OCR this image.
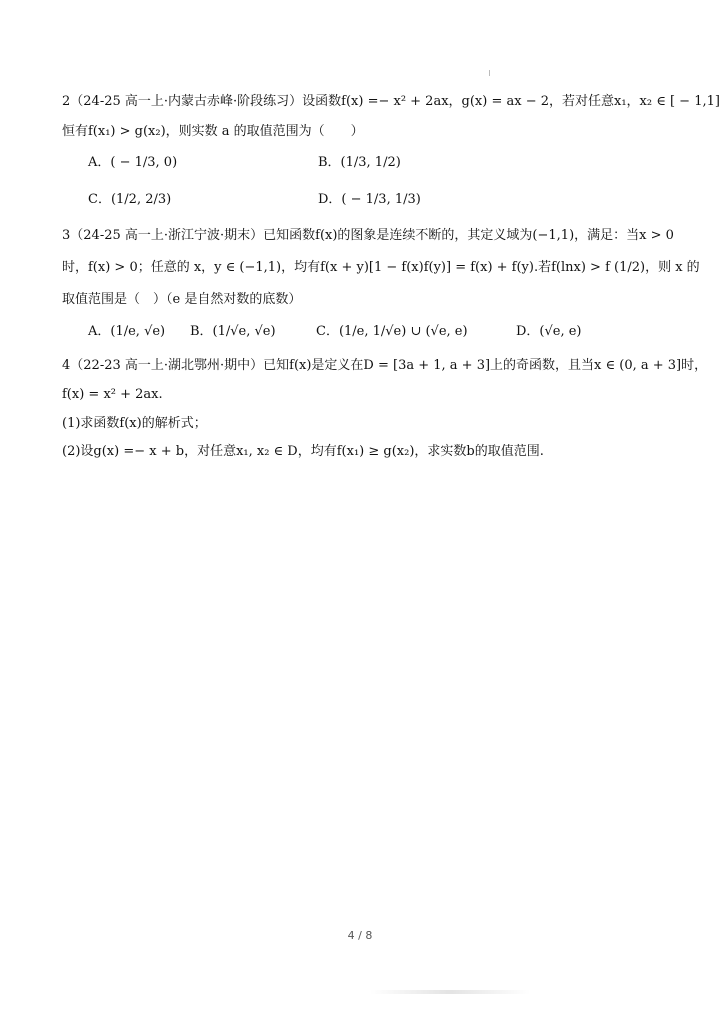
2（24-25 高一上·内蒙古赤峰·阶段练习）设函数f(x) =− x² + 2ax，g(x) = ax − 2，若对任意x₁，x₂ ∈ [ − 1,1]
恒有f(x₁) > g(x₂)，则实数 a 的取值范围为（　　）
A．( − 1/3, 0)	B．(1/3, 1/2)
C．(1/2, 2/3)	D．( − 1/3, 1/3)
3（24-25 高一上·浙江宁波·期末）已知函数f(x)的图象是连续不断的，其定义域为(−1,1)，满足：当x > 0
时，f(x) > 0；任意的 x，y ∈ (−1,1)，均有f(x + y)[1 − f(x)f(y)] = f(x) + f(y).若f(lnx) > f (1/2)，则 x 的
取值范围是（　）（e 是自然对数的底数）
A．(1/e, √e) B．(1/√e, √e)	C．(1/e, 1/√e) ∪ (√e, e)	D．(√e, e)
4（22-23 高一上·湖北鄂州·期中）已知f(x)是定义在D = [3a + 1, a + 3]上的奇函数，且当x ∈ (0, a + 3]时，
f(x) = x² + 2ax.
(1)求函数f(x)的解析式；
(2)设g(x) =− x + b，对任意x₁, x₂ ∈ D，均有f(x₁) ≥ g(x₂)，求实数b的取值范围.
4 / 8
